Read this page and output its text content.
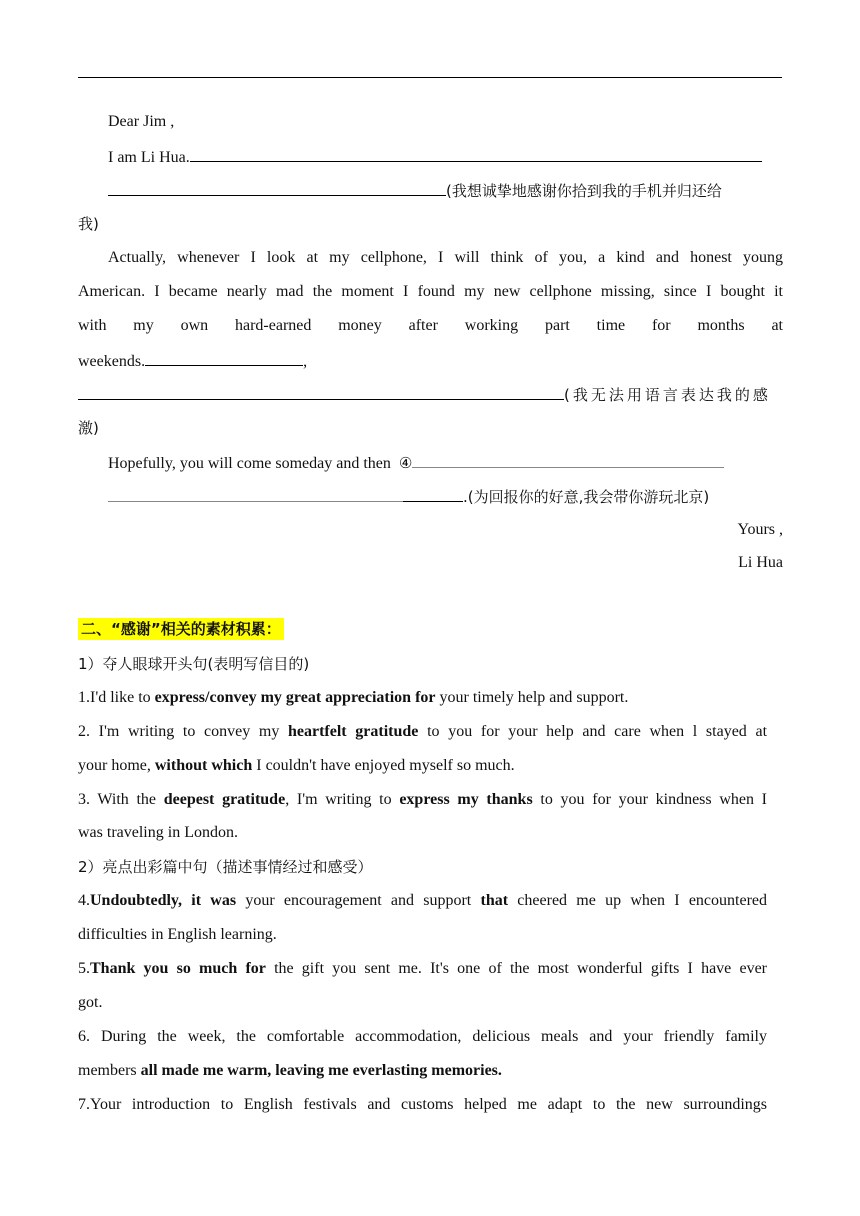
Dear Jim ,
I am Li Hua.
(我想诚挚地感谢你拾到我的手机并归还给
我)
Actually, whenever I look at my cellphone, I will think of you, a kind and honest young
American. I became nearly mad the moment I found my new cellphone missing, since I bought it
with my own hard-earned money after working part time for months at
weekends.	,
(我无法用语言表达我的感
激)
Hopefully, you will come someday and then ④
.(为回报你的好意,我会带你游玩北京)
Yours ,
Li Hua
二、“感谢”相关的素材积累：
1）夺人眼球开头句(表明写信目的)
1.I'd like to express/convey my great appreciation for your timely help and support.
2. I'm writing to convey my heartfelt gratitude to you for your help and care when l stayed at
your home, without which I couldn't have enjoyed myself so much.
3. With the deepest gratitude, I'm writing to express my thanks to you for your kindness when I
was traveling in London.
2）亮点出彩篇中句（描述事情经过和感受）
4.Undoubtedly, it was your encouragement and support that cheered me up when I encountered
difficulties in English learning.
5.Thank you so much for the gift you sent me. It's one of the most wonderful gifts I have ever
got.
6. During the week, the comfortable accommodation, delicious meals and your friendly family
members all made me warm, leaving me everlasting memories.
7.Your introduction to English festivals and customs helped me adapt to the new surroundings
